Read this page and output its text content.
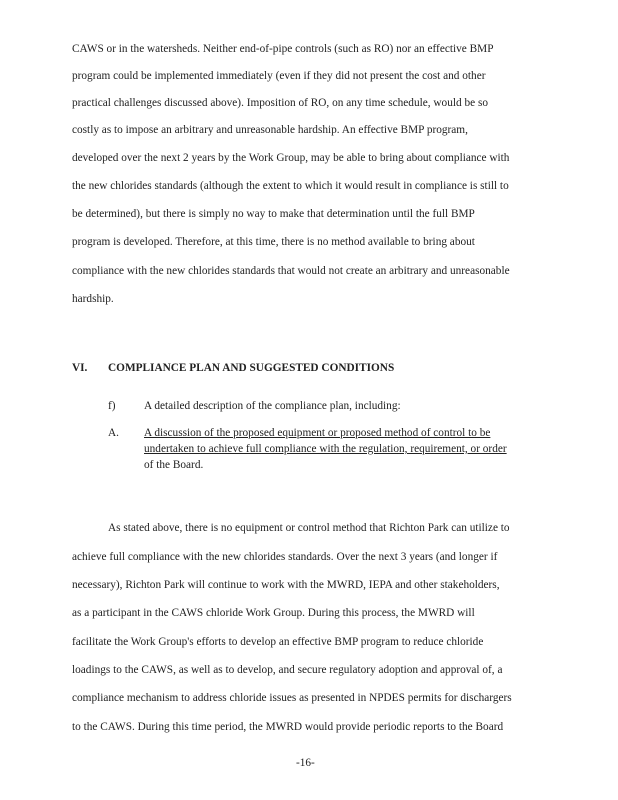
CAWS or in the watersheds. Neither end-of-pipe controls (such as RO) nor an effective BMP
program could be implemented immediately (even if they did not present the cost and other
practical challenges discussed above). Imposition of RO, on any time schedule, would be so
costly as to impose an arbitrary and unreasonable hardship. An effective BMP program,
developed over the next 2 years by the Work Group, may be able to bring about compliance with
the new chlorides standards (although the extent to which it would result in compliance is still to
be determined), but there is simply no way to make that determination until the full BMP
program is developed. Therefore, at this time, there is no method available to bring about
compliance with the new chlorides standards that would not create an arbitrary and unreasonable
hardship.
VI. COMPLIANCE PLAN AND SUGGESTED CONDITIONS
f)	A detailed description of the compliance plan, including:
A. A discussion of the proposed equipment or proposed method of control to be
undertaken to achieve full compliance with the regulation, requirement, or order
of the Board.
As stated above, there is no equipment or control method that Richton Park can utilize to
achieve full compliance with the new chlorides standards. Over the next 3 years (and longer if
necessary), Richton Park will continue to work with the MWRD, IEPA and other stakeholders,
as a participant in the CAWS chloride Work Group. During this process, the MWRD will
facilitate the Work Group's efforts to develop an effective BMP program to reduce chloride
loadings to the CAWS, as well as to develop, and secure regulatory adoption and approval of, a
compliance mechanism to address chloride issues as presented in NPDES permits for dischargers
to the CAWS. During this time period, the MWRD would provide periodic reports to the Board
-16-
